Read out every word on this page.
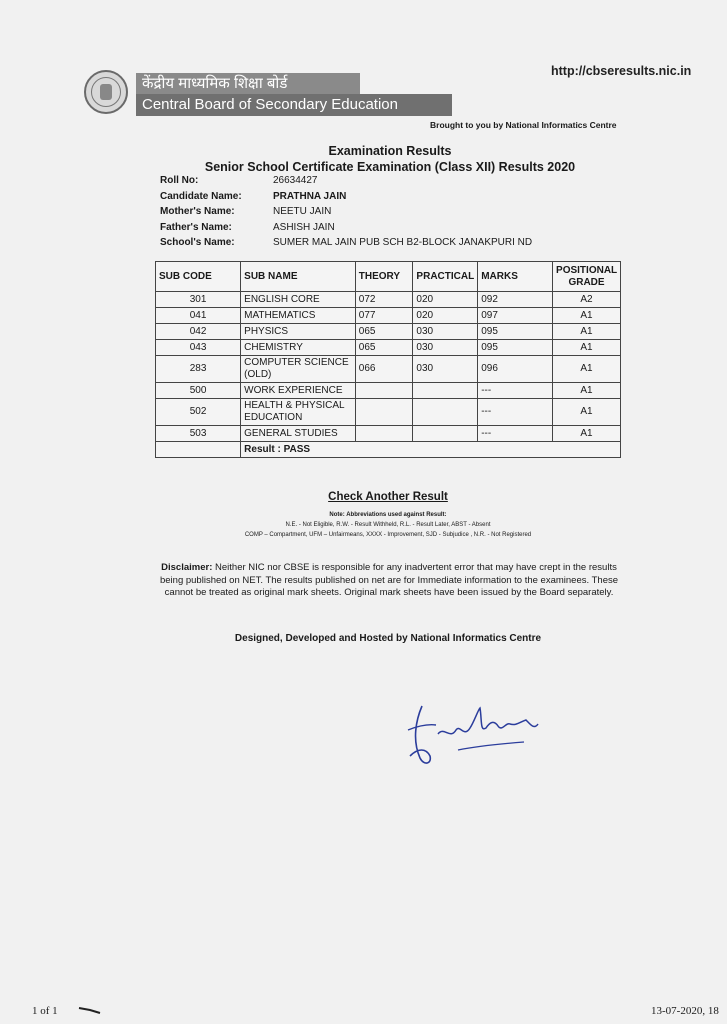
http://cbseresults.nic.in
केंद्रीय माध्यमिक शिक्षा बोर्ड
Central Board of Secondary Education
Brought to you by National Informatics Centre
Examination Results
Senior School Certificate Examination (Class XII) Results 2020
Roll No:	26634427
Candidate Name:	PRATHNA JAIN
Mother's Name:	NEETU JAIN
Father's Name:	ASHISH JAIN
School's Name:	SUMER MAL JAIN PUB SCH B2-BLOCK JANAKPURI ND
SUB CODE	SUB NAME	THEORY	PRACTICAL	MARKS	POSITIONAL GRADE
301	ENGLISH CORE	072	020	092	A2
041	MATHEMATICS	077	020	097	A1
042	PHYSICS	065	030	095	A1
043	CHEMISTRY	065	030	095	A1
283	COMPUTER SCIENCE (OLD)	066	030	096	A1
500	WORK EXPERIENCE			---	A1
502	HEALTH & PHYSICAL EDUCATION			---	A1
503	GENERAL STUDIES			---	A1
	Result : PASS				
Check Another Result
Note: Abbreviations used against Result:
N.E. - Not Eligible, R.W. - Result Withheld, R.L. - Result Later, ABST - Absent
COMP – Compartment, UFM – Unfairmeans, XXXX - Improvement, SJD - Subjudice , N.R. - Not Registered
Disclaimer: Neither NIC nor CBSE is responsible for any inadvertent error that may have crept in the results being published on NET. The results published on net are for Immediate information to the examinees. These cannot be treated as original mark sheets. Original mark sheets have been issued by the Board separately.
Designed, Developed and Hosted by National Informatics Centre
1 of 1	13-07-2020, 18
